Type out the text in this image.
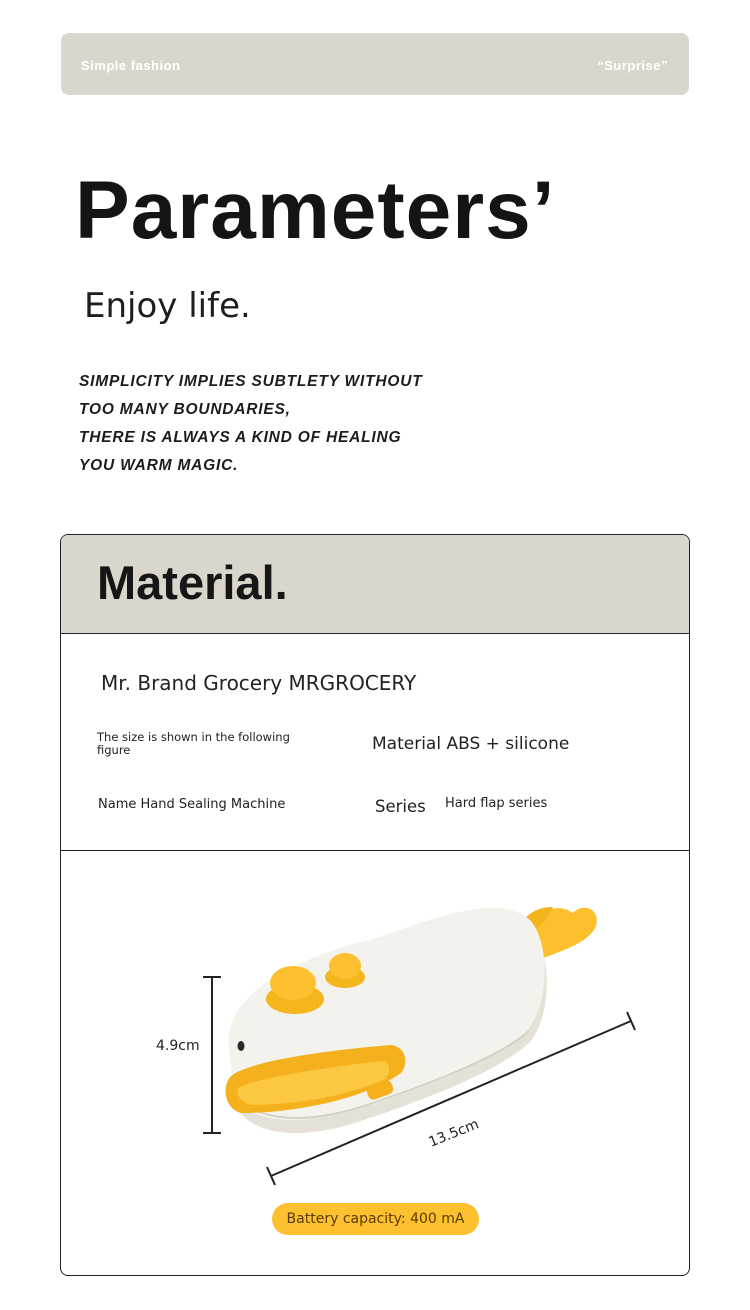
Simple fashion	“Surprise”
Parameters’
Enjoy life.
SIMPLICITY IMPLIES SUBTLETY WITHOUT
TOO MANY BOUNDARIES,
THERE IS ALWAYS A KIND OF HEALING
YOU WARM MAGIC.
Material.
Mr. Brand Grocery MRGROCERY
The size is shown in the following figure	Material ABS + silicone
Name Hand Sealing Machine	Series Hard flap series
4.9cm
13.5cm
Battery capacity: 400 mA
